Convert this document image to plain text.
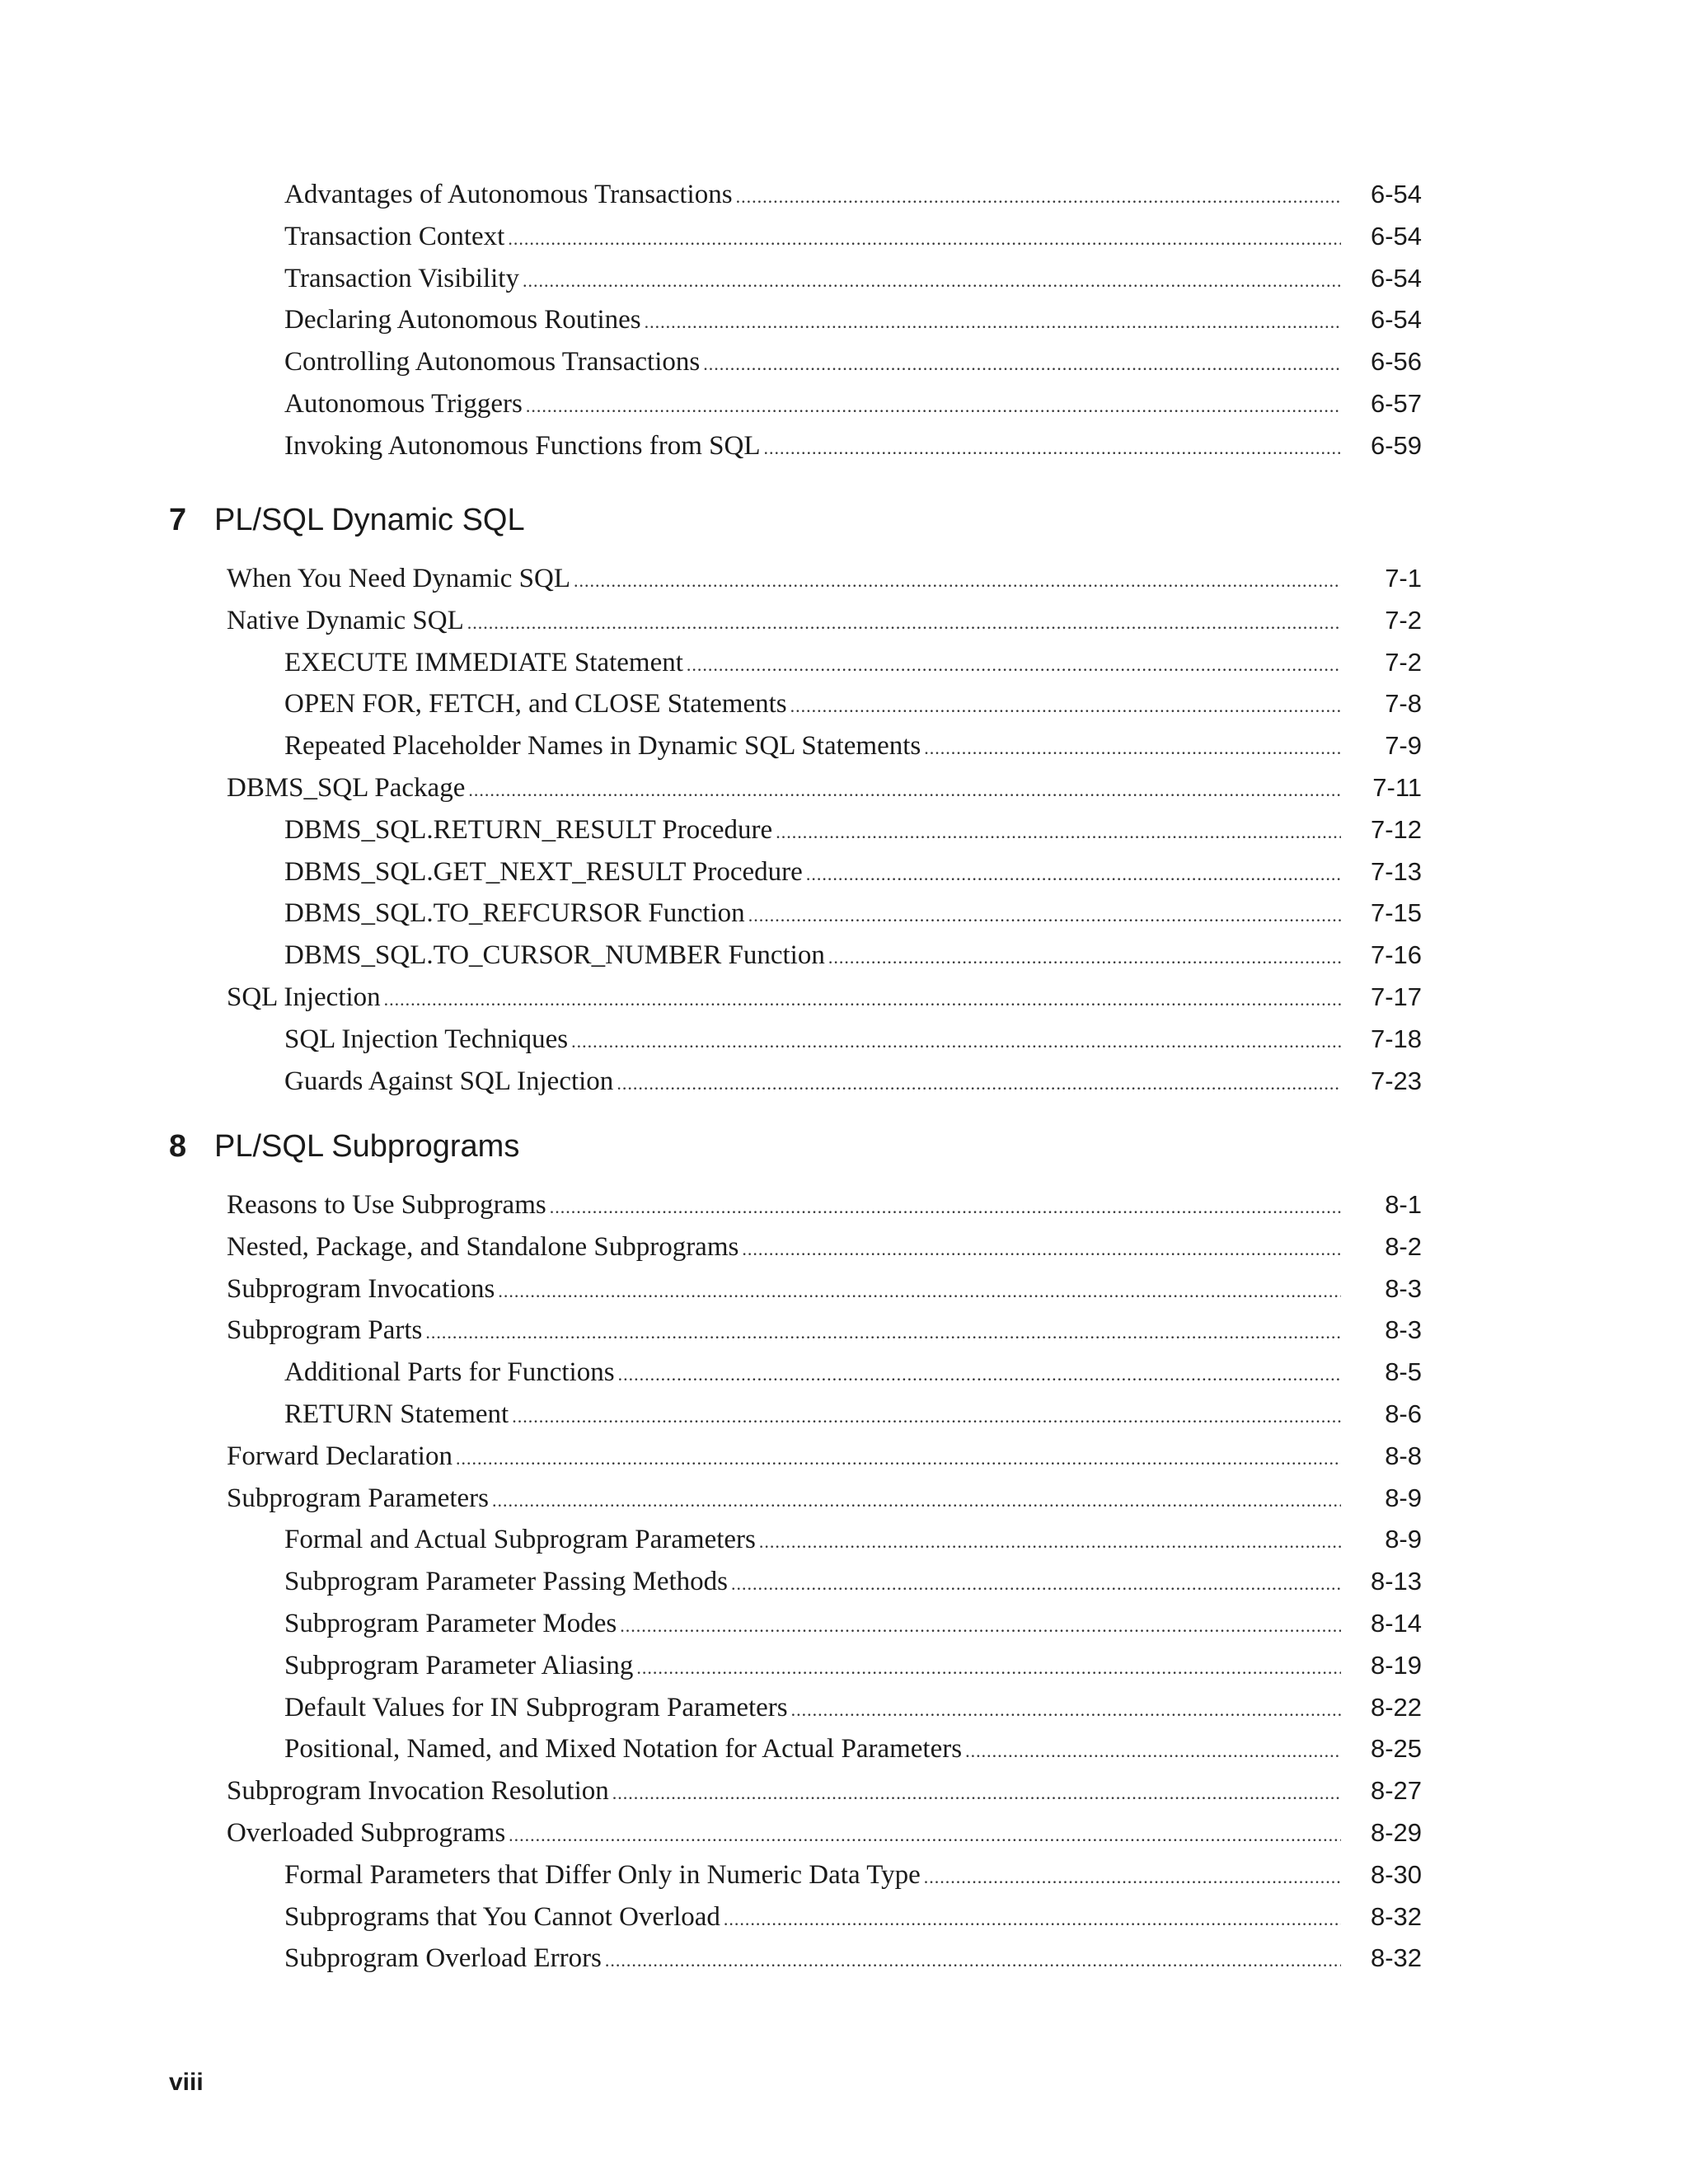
Advantages of Autonomous Transactions .....	6-54
Transaction Context .....	6-54
Transaction Visibility .....	6-54
Declaring Autonomous Routines .....	6-54
Controlling Autonomous Transactions .....	6-56
Autonomous Triggers .....	6-57
Invoking Autonomous Functions from SQL .....	6-59
7 PL/SQL Dynamic SQL
When You Need Dynamic SQL .....	7-1
Native Dynamic SQL .....	7-2
EXECUTE IMMEDIATE Statement .....	7-2
OPEN FOR, FETCH, and CLOSE Statements .....	7-8
Repeated Placeholder Names in Dynamic SQL Statements .....	7-9
DBMS_SQL Package .....	7-11
DBMS_SQL.RETURN_RESULT Procedure .....	7-12
DBMS_SQL.GET_NEXT_RESULT Procedure .....	7-13
DBMS_SQL.TO_REFCURSOR Function .....	7-15
DBMS_SQL.TO_CURSOR_NUMBER Function .....	7-16
SQL Injection .....	7-17
SQL Injection Techniques .....	7-18
Guards Against SQL Injection .....	7-23
8 PL/SQL Subprograms
Reasons to Use Subprograms .....	8-1
Nested, Package, and Standalone Subprograms .....	8-2
Subprogram Invocations .....	8-3
Subprogram Parts .....	8-3
Additional Parts for Functions .....	8-5
RETURN Statement .....	8-6
Forward Declaration .....	8-8
Subprogram Parameters .....	8-9
Formal and Actual Subprogram Parameters .....	8-9
Subprogram Parameter Passing Methods .....	8-13
Subprogram Parameter Modes .....	8-14
Subprogram Parameter Aliasing .....	8-19
Default Values for IN Subprogram Parameters .....	8-22
Positional, Named, and Mixed Notation for Actual Parameters .....	8-25
Subprogram Invocation Resolution .....	8-27
Overloaded Subprograms .....	8-29
Formal Parameters that Differ Only in Numeric Data Type .....	8-30
Subprograms that You Cannot Overload .....	8-32
Subprogram Overload Errors .....	8-32
viii
